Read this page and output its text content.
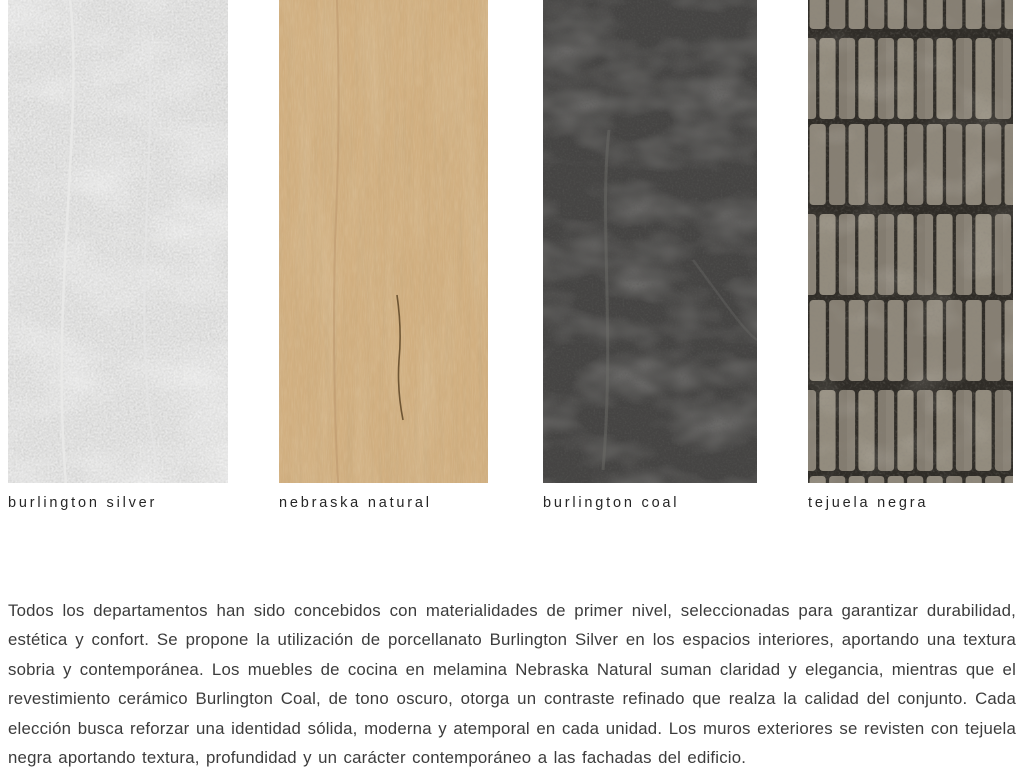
burlington silver	nebraska natural	burlington coal	tejuela negra

Todos los departamentos han sido concebidos con materialidades de primer nivel, seleccionadas para garantizar durabilidad, estética y confort. Se propone la utilización de porcellanato Burlington Silver en los espacios interiores, aportando una textura sobria y contemporánea. Los muebles de cocina en melamina Nebraska Natural suman claridad y elegancia, mientras que el revestimiento cerámico Burlington Coal, de tono oscuro, otorga un contraste refinado que realza la calidad del conjunto. Cada elección busca reforzar una identidad sólida, moderna y atemporal en cada unidad. Los muros exteriores se revisten con tejuela negra aportando textura, profundidad y un carácter contemporáneo a las fachadas del edificio.
